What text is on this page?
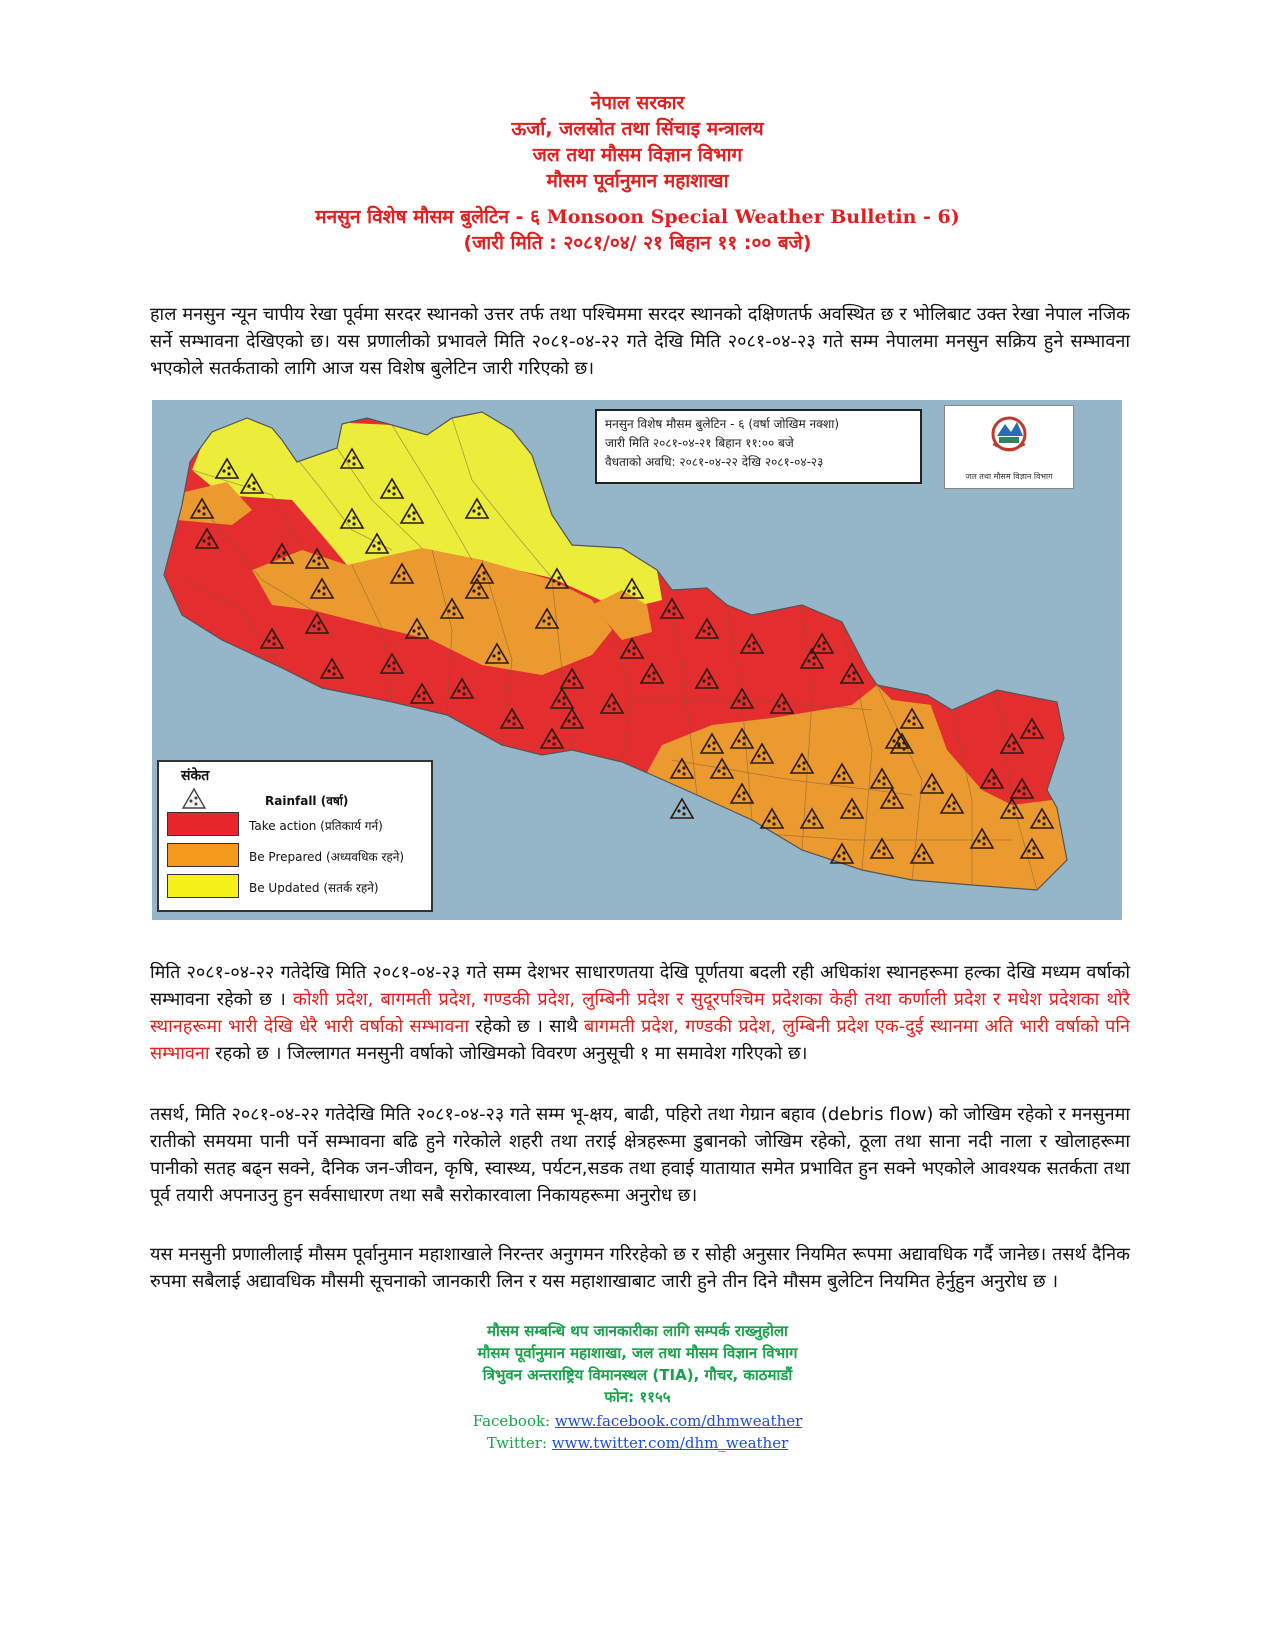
नेपाल सरकार
ऊर्जा, जलस्रोत तथा सिंचाइ मन्त्रालय
जल तथा मौसम विज्ञान विभाग
मौसम पूर्वानुमान महाशाखा
मनसुन विशेष मौसम बुलेटिन - ६ Monsoon Special Weather Bulletin - 6)
(जारी मिति : २०८१/०४/ २१ बिहान ११ :०० बजे)

हाल मनसुन न्यून चापीय रेखा पूर्वमा सरदर स्थानको उत्तर तर्फ तथा पश्चिममा सरदर स्थानको दक्षिणतर्फ अवस्थित छ र भोलिबाट उक्त रेखा नेपाल नजिक सर्ने सम्भावना देखिएको छ। यस प्रणालीको प्रभावले मिति २०८१-०४-२२ गते देखि मिति २०८१-०४-२३ गते सम्म नेपालमा मनसुन सक्रिय हुने सम्भावना भएकोले सतर्कताको लागि आज यस विशेष बुलेटिन जारी गरिएको छ।

मनसुन विशेष मौसम बुलेटिन - ६ (वर्षा जोखिम नक्शा)
जारी मिति २०८१-०४-२१ बिहान ११:०० बजे
वैधताको अवधि: २०८१-०४-२२ देखि २०८१-०४-२३
जल तथा मौसम विज्ञान विभाग
संकेत
Rainfall (वर्षा)
Take action (प्रतिकार्य गर्न)
Be Prepared (अध्यवधिक रहने)
Be Updated (सतर्क रहने)

मिति २०८१-०४-२२ गतेदेखि मिति २०८१-०४-२३ गते सम्म देशभर साधारणतया देखि पूर्णतया बदली रही अधिकांश स्थानहरूमा हल्का देखि मध्यम वर्षाको सम्भावना रहेको छ । कोशी प्रदेश, बागमती प्रदेश, गण्डकी प्रदेश, लुम्बिनी प्रदेश र सुदूरपश्चिम प्रदेशका केही तथा कर्णाली प्रदेश र मधेश प्रदेशका थोरै स्थानहरूमा भारी देखि धेरै भारी वर्षाको सम्भावना रहेको छ । साथै बागमती प्रदेश, गण्डकी प्रदेश, लुम्बिनी प्रदेश एक-दुई स्थानमा अति भारी वर्षाको पनि सम्भावना रहको छ । जिल्लागत मनसुनी वर्षाको जोखिमको विवरण अनुसूची १ मा समावेश गरिएको छ।

तसर्थ, मिति २०८१-०४-२२ गतेदेखि मिति २०८१-०४-२३ गते सम्म भू-क्षय, बाढी, पहिरो तथा गेग्रान बहाव (debris flow) को जोखिम रहेको र मनसुनमा रातीको समयमा पानी पर्ने सम्भावना बढि हुने गरेकोले शहरी तथा तराई क्षेत्रहरूमा डुबानको जोखिम रहेको, ठूला तथा साना नदी नाला र खोलाहरूमा पानीको सतह बढ्न सक्ने, दैनिक जन-जीवन, कृषि, स्वास्थ्य, पर्यटन,सडक तथा हवाई यातायात समेत प्रभावित हुन सक्ने भएकोले आवश्यक सतर्कता तथा पूर्व तयारी अपनाउनु हुन सर्वसाधारण तथा सबै सरोकारवाला निकायहरूमा अनुरोध छ।

यस मनसुनी प्रणालीलाई मौसम पूर्वानुमान महाशाखाले निरन्तर अनुगमन गरिरहेको छ र सोही अनुसार नियमित रूपमा अद्यावधिक गर्दै जानेछ। तसर्थ दैनिक रुपमा सबैलाई अद्यावधिक मौसमी सूचनाको जानकारी लिन र यस महाशाखाबाट जारी हुने तीन दिने मौसम बुलेटिन नियमित हेर्नुहुन अनुरोध छ ।

मौसम सम्बन्धि थप जानकारीका लागि सम्पर्क राख्नुहोला
मौसम पूर्वानुमान महाशाखा, जल तथा मौसम विज्ञान विभाग
त्रिभुवन अन्तराष्ट्रिय विमानस्थल (TIA), गौचर, काठमाडौं
फोन: ११५५
Facebook: www.facebook.com/dhmweather
Twitter: www.twitter.com/dhm_weather
